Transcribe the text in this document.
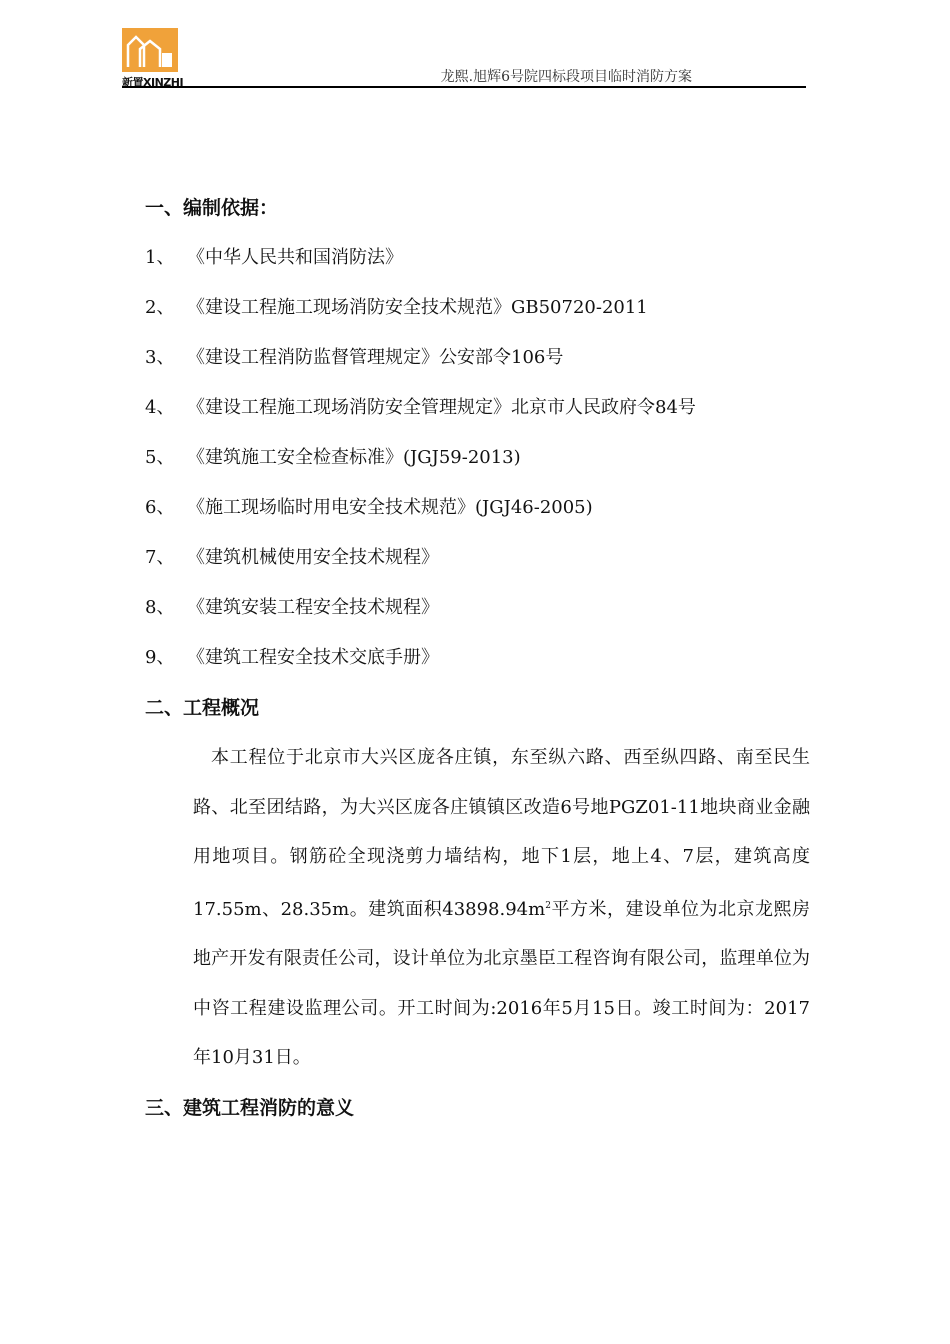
新置XINZHI	龙熙.旭辉6号院四标段项目临时消防方案
一、编制依据：

1、 《中华人民共和国消防法》

2、 《建设工程施工现场消防安全技术规范》GB50720-2011

3、 《建设工程消防监督管理规定》公安部令106号

4、 《建设工程施工现场消防安全管理规定》北京市人民政府令84号

5、 《建筑施工安全检查标准》(JGJ59-2013)

6、 《施工现场临时用电安全技术规范》(JGJ46-2005)

7、 《建筑机械使用安全技术规程》

8、 《建筑安装工程安全技术规程》

9、 《建筑工程安全技术交底手册》

二、工程概况

本工程位于北京市大兴区庞各庄镇，东至纵六路、西至纵四路、南至民生路、北至团结路，为大兴区庞各庄镇镇区改造6号地PGZ01-11地块商业金融用地项目。钢筋砼全现浇剪力墙结构，地下1层，地上4、7层，建筑高度17.55m、28.35m。建筑面积$43898.94m^2$平方米，建设单位为北京龙熙房地产开发有限责任公司，设计单位为北京墨臣工程咨询有限公司，监理单位为中咨工程建设监理公司。开工时间为:2016年5月15日。竣工时间为：2017年10月31日。

三、建筑工程消防的意义
